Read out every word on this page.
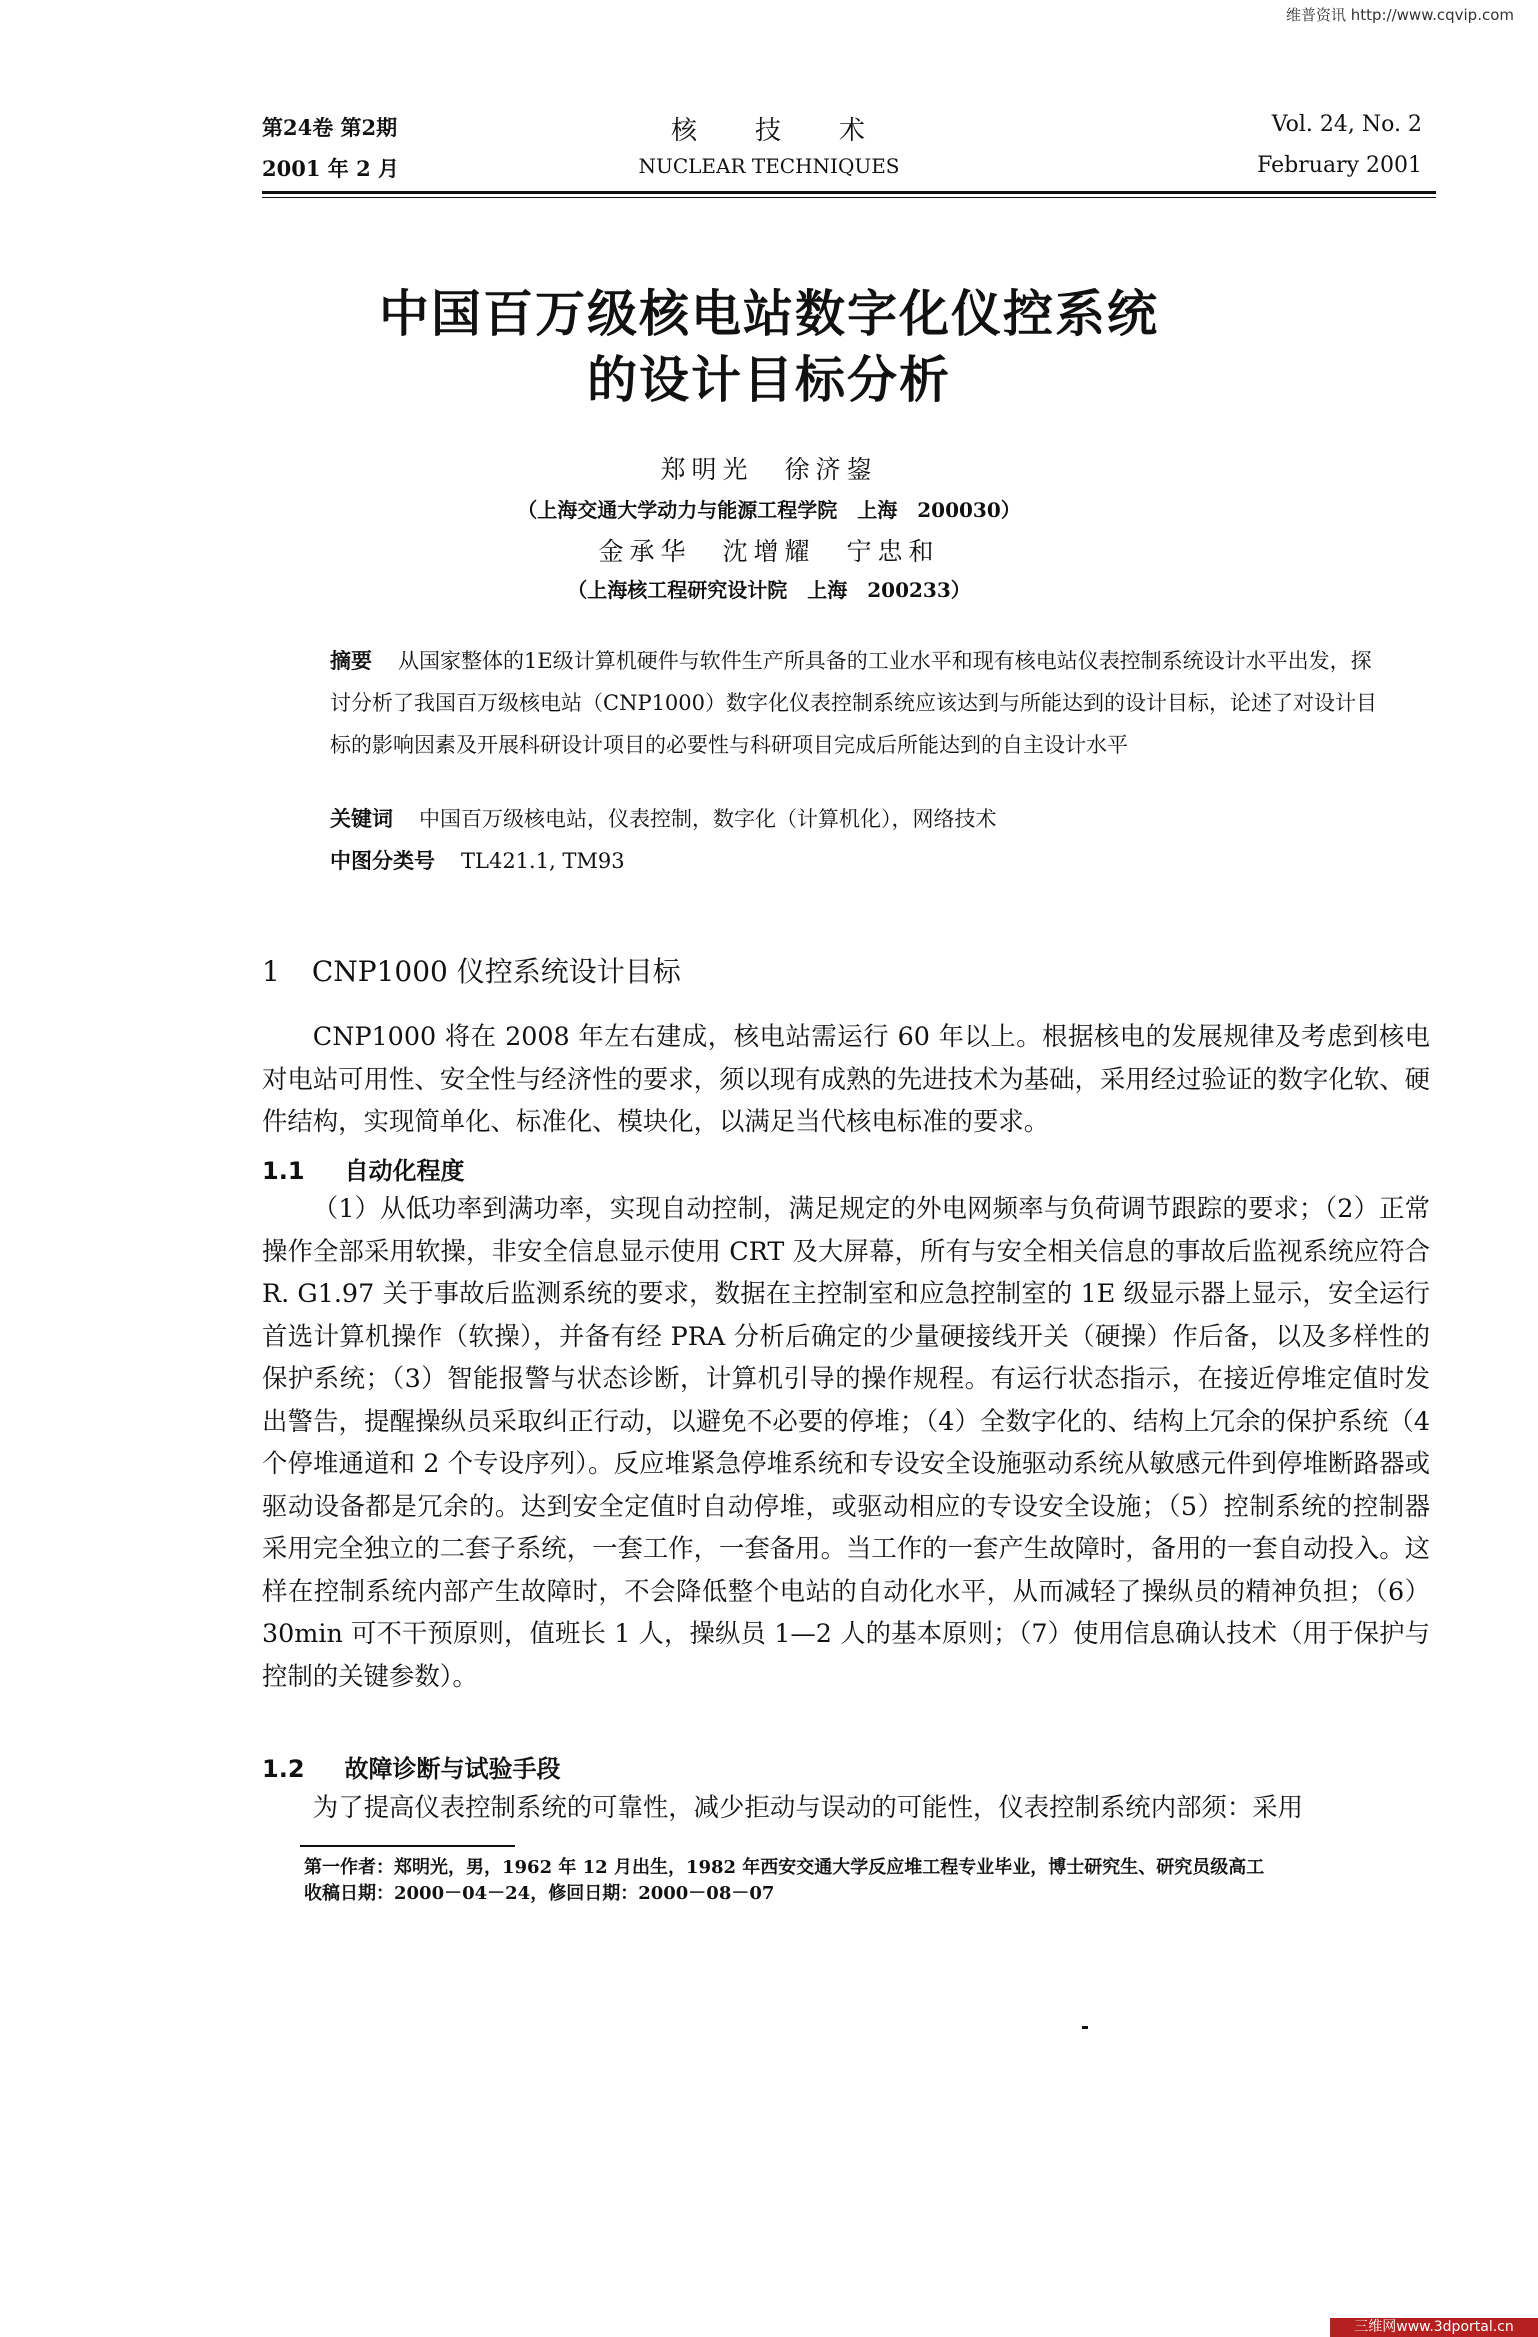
维普资讯 http://www.cqvip.com
第24卷 第2期
2001 年 2 月
核　　技　　术
NUCLEAR TECHNIQUES
Vol. 24, No. 2
February 2001
中国百万级核电站数字化仪控系统
的设计目标分析
郑明光　徐济鋆
（上海交通大学动力与能源工程学院　上海　200030）
金承华　沈增耀　宁忠和
（上海核工程研究设计院　上海　200233）
摘要 从国家整体的1E级计算机硬件与软件生产所具备的工业水平和现有核电站仪表控制系统设计水平出发，探讨分析了我国百万级核电站（CNP1000）数字化仪表控制系统应该达到与所能达到的设计目标，论述了对设计目标的影响因素及开展科研设计项目的必要性与科研项目完成后所能达到的自主设计水平
关键词 中国百万级核电站，仪表控制，数字化（计算机化），网络技术
中图分类号 TL421.1, TM93
1 CNP1000 仪控系统设计目标
CNP1000 将在 2008 年左右建成，核电站需运行 60 年以上。根据核电的发展规律及考虑到核电对电站可用性、安全性与经济性的要求，须以现有成熟的先进技术为基础，采用经过验证的数字化软、硬件结构，实现简单化、标准化、模块化，以满足当代核电标准的要求。
1.1 自动化程度
（1）从低功率到满功率，实现自动控制，满足规定的外电网频率与负荷调节跟踪的要求；（2）正常操作全部采用软操，非安全信息显示使用 CRT 及大屏幕，所有与安全相关信息的事故后监视系统应符合 R. G1.97 关于事故后监测系统的要求，数据在主控制室和应急控制室的 1E 级显示器上显示，安全运行首选计算机操作（软操），并备有经 PRA 分析后确定的少量硬接线开关（硬操）作后备，以及多样性的保护系统；（3）智能报警与状态诊断，计算机引导的操作规程。有运行状态指示，在接近停堆定值时发出警告，提醒操纵员采取纠正行动，以避免不必要的停堆；（4）全数字化的、结构上冗余的保护系统（4 个停堆通道和 2 个专设序列）。反应堆紧急停堆系统和专设安全设施驱动系统从敏感元件到停堆断路器或驱动设备都是冗余的。达到安全定值时自动停堆，或驱动相应的专设安全设施；（5）控制系统的控制器采用完全独立的二套子系统，一套工作，一套备用。当工作的一套产生故障时，备用的一套自动投入。这样在控制系统内部产生故障时，不会降低整个电站的自动化水平，从而减轻了操纵员的精神负担；（6）30min 可不干预原则，值班长 1 人，操纵员 1—2 人的基本原则；（7）使用信息确认技术（用于保护与控制的关键参数）。
1.2 故障诊断与试验手段
为了提高仪表控制系统的可靠性，减少拒动与误动的可能性，仪表控制系统内部须：采用
第一作者：郑明光，男，1962 年 12 月出生，1982 年西安交通大学反应堆工程专业毕业，博士研究生、研究员级高工
收稿日期：2000－04－24，修回日期：2000－08－07
三维网www.3dportal.cn
